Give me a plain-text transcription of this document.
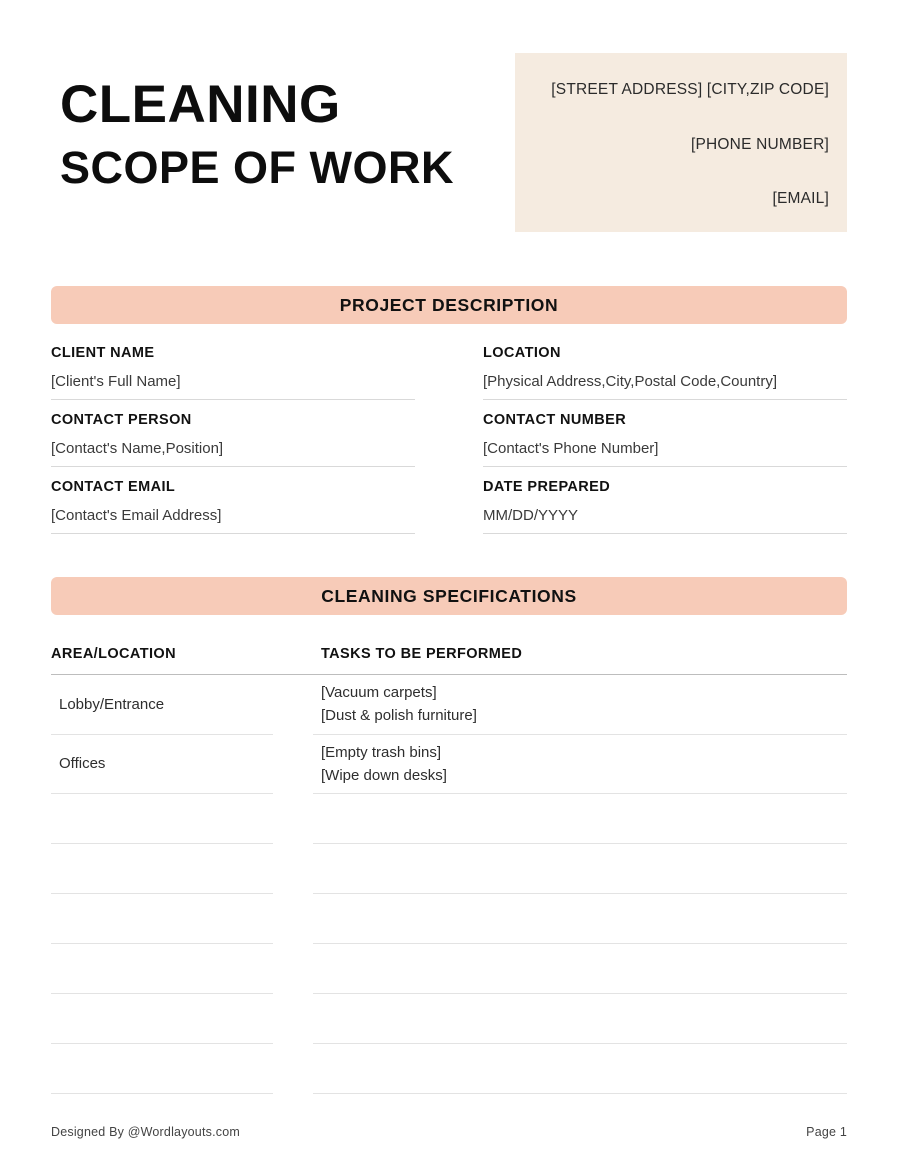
CLEANING
SCOPE OF WORK
[STREET ADDRESS] [CITY,ZIP CODE]
[PHONE NUMBER]
[EMAIL]
PROJECT DESCRIPTION
CLIENT NAME
[Client's Full Name]
CONTACT PERSON
[Contact's Name,Position]
CONTACT EMAIL
[Contact's Email Address]
LOCATION
[Physical Address,City,Postal Code,Country]
CONTACT NUMBER
[Contact's Phone Number]
DATE PREPARED
MM/DD/YYYY
CLEANING SPECIFICATIONS
AREA/LOCATION	TASKS TO BE PERFORMED
Lobby/Entrance
[Vacuum carpets]
[Dust & polish furniture]
Offices
[Empty trash bins]
[Wipe down desks]
Designed By @Wordlayouts.com	Page 1
